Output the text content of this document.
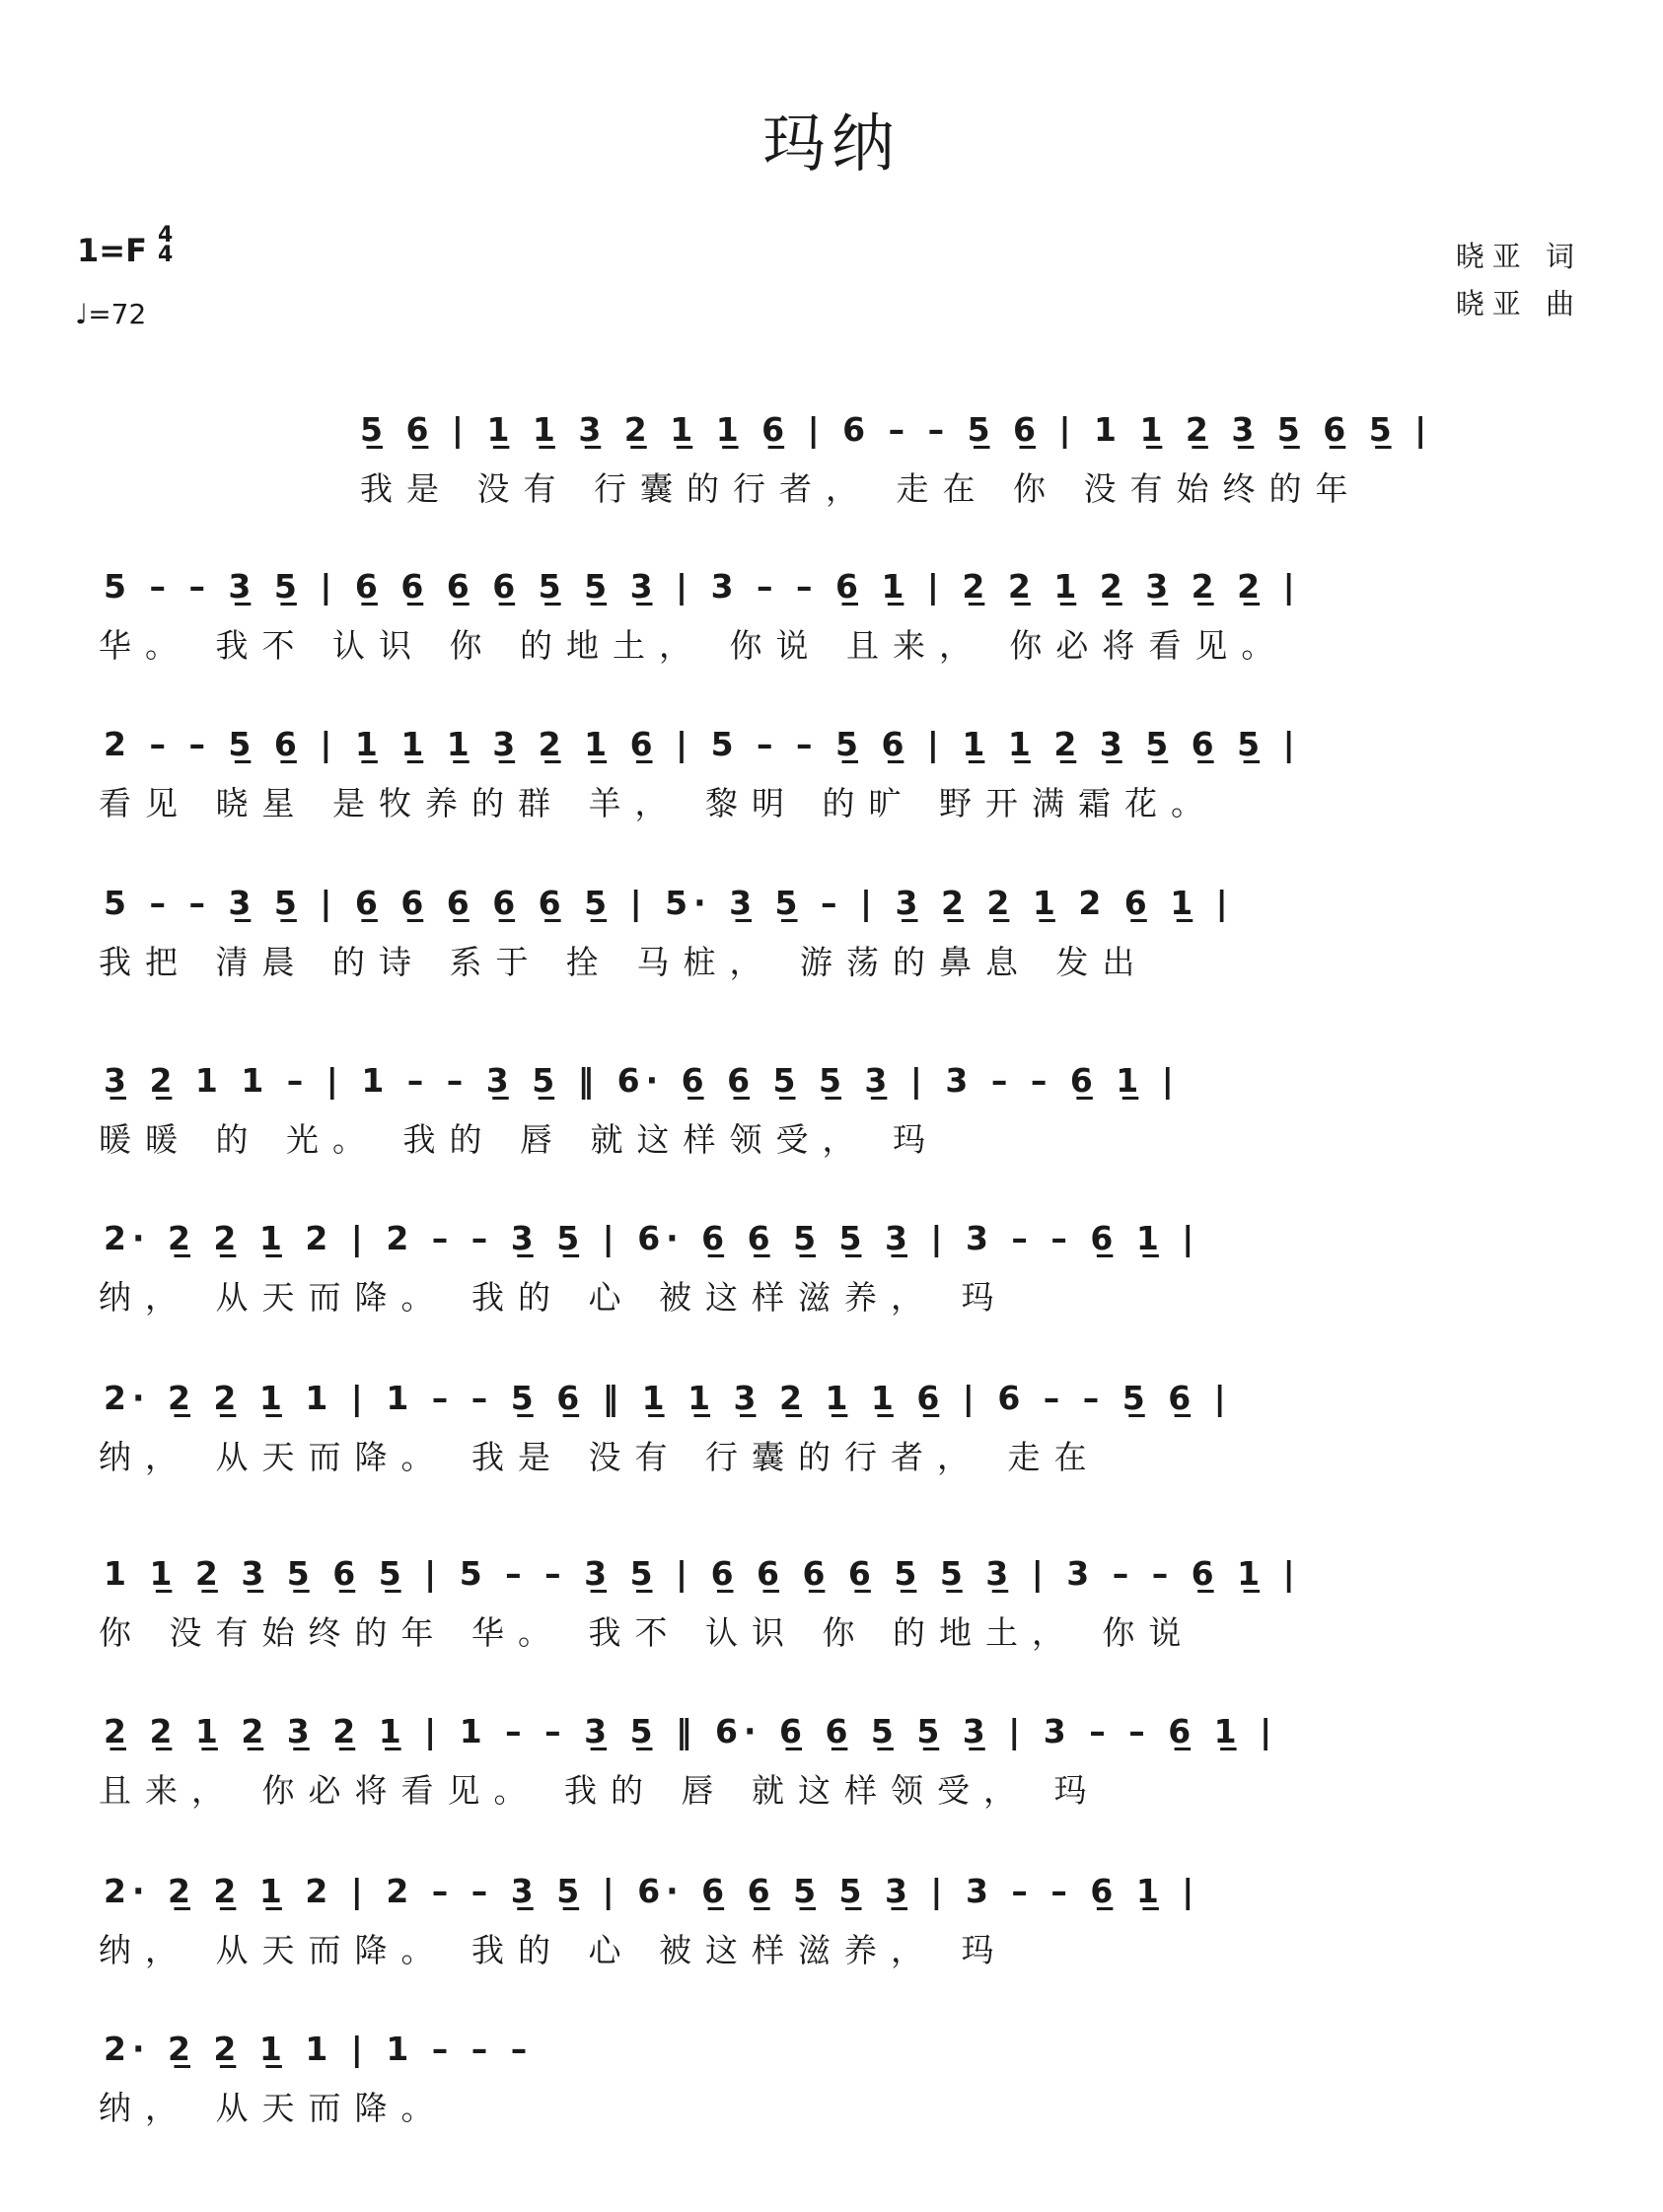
玛纳
1=F 4
4
♩=72
晓亚 词
晓亚 曲
5̲ 6̲ | 1̲ 1̲ 3̲ 2̲ 1̲ 1̲ 6̲ | 6 – – 5̲ 6̲ | 1 1̲ 2̲ 3̲ 5̲ 6̲ 5̲ |
我是 没有 行囊的行者， 走在 你 没有始终的年
5 – – 3̲ 5̲ | 6̲ 6̲ 6̲ 6̲ 5̲ 5̲ 3̲ | 3 – – 6̲ 1̲ | 2̲ 2̲ 1̲ 2̲ 3̲ 2̲ 2̲ |
华。 我不 认识 你 的地土， 你说 且来， 你必将看见。
2 – – 5̲ 6̲ | 1̲ 1̲ 1̲ 3̲ 2̲ 1̲ 6̲ | 5 – – 5̲ 6̲ | 1̲ 1̲ 2̲ 3̲ 5̲ 6̲ 5̲ |
看见 晓星 是牧养的群 羊， 黎明 的旷 野开满霜花。
5 – – 3̲ 5̲ | 6̲ 6̲ 6̲ 6̲ 6̲ 5̲ | 5· 3̲ 5̲ – | 3̲ 2̲ 2̲ 1̲ 2 6̲ 1̲ |
我把 清晨 的诗 系于 拴 马桩， 游荡的鼻息 发出
3̲ 2̲ 1 1 – | 1 – – 3̲ 5̲ ‖ 6· 6̲ 6̲ 5̲ 5̲ 3̲ | 3 – – 6̲ 1̲ |
暖暖 的 光。 我的 唇 就这样领受， 玛
2· 2̲ 2̲ 1̲ 2 | 2 – – 3̲ 5̲ | 6· 6̲ 6̲ 5̲ 5̲ 3̲ | 3 – – 6̲ 1̲ |
纳， 从天而降。 我的 心 被这样滋养， 玛
2· 2̲ 2̲ 1̲ 1 | 1 – – 5̲ 6̲ ‖ 1̲ 1̲ 3̲ 2̲ 1̲ 1̲ 6̲ | 6 – – 5̲ 6̲ |
纳， 从天而降。 我是 没有 行囊的行者， 走在
1 1̲ 2̲ 3̲ 5̲ 6̲ 5̲ | 5 – – 3̲ 5̲ | 6̲ 6̲ 6̲ 6̲ 5̲ 5̲ 3̲ | 3 – – 6̲ 1̲ |
你 没有始终的年 华。 我不 认识 你 的地土， 你说
2̲ 2̲ 1̲ 2̲ 3̲ 2̲ 1̲ | 1 – – 3̲ 5̲ ‖ 6· 6̲ 6̲ 5̲ 5̲ 3̲ | 3 – – 6̲ 1̲ |
且来， 你必将看见。 我的 唇 就这样领受， 玛
2· 2̲ 2̲ 1̲ 2 | 2 – – 3̲ 5̲ | 6· 6̲ 6̲ 5̲ 5̲ 3̲ | 3 – – 6̲ 1̲ |
纳， 从天而降。 我的 心 被这样滋养， 玛
2· 2̲ 2̲ 1̲ 1 | 1 – – –
纳， 从天而降。
